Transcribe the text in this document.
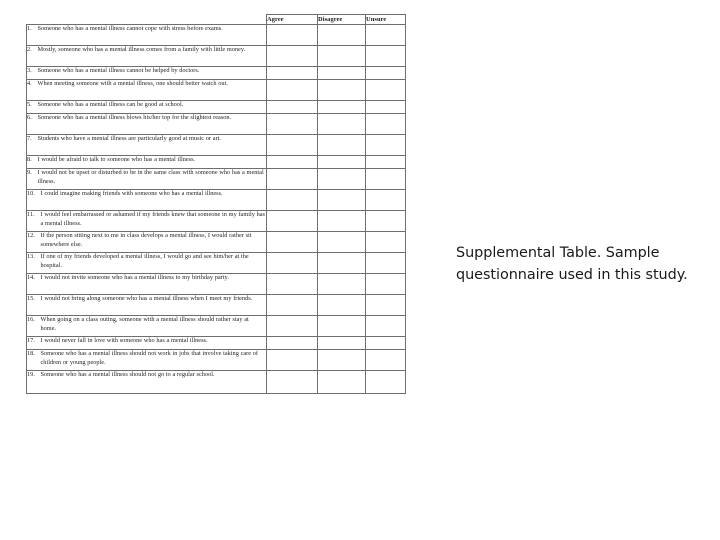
	Agree	Disagree	Unsure

1. Someone who has a mental illness cannot cope with stress before exams.			

2. Mostly, someone who has a mental illness comes from a family with little money.			

3. Someone who has a mental illness cannot be helped by doctors.			

4. When meeting someone with a mental illness, one should better watch out.			

5. Someone who has a mental illness can be good at school.			

6. Someone who has a mental illness blows his/her top for the slightest reason.			

7. Students who have a mental illness are particularly good at music or art.			

8. I would be afraid to talk to someone who has a mental illness.			

9. I would not be upset or disturbed to be in the same class with someone who has a mental illness.			

10. I could imagine making friends with someone who has a mental illness.			

11. I would feel embarrassed or ashamed if my friends knew that someone in my family has a mental illness.			

12. If the person sitting next to me in class develops a mental illness, I would rather sit somewhere else.			

13. If one of my friends developed a mental illness, I would go and see him/her at the hospital.			

14. I would not invite someone who has a mental illness to my birthday party.			

15. I would not bring along someone who has a mental illness when I meet my friends.			

16. When going on a class outing, someone with a mental illness should rather stay at home.			

17. I would never fall in love with someone who has a mental illness.			

18. Someone who has a mental illness should not work in jobs that involve taking care of children or young people.			

19. Someone who has a mental illness should not go to a regular school.			

Supplemental Table. Sample questionnaire used in this study.
